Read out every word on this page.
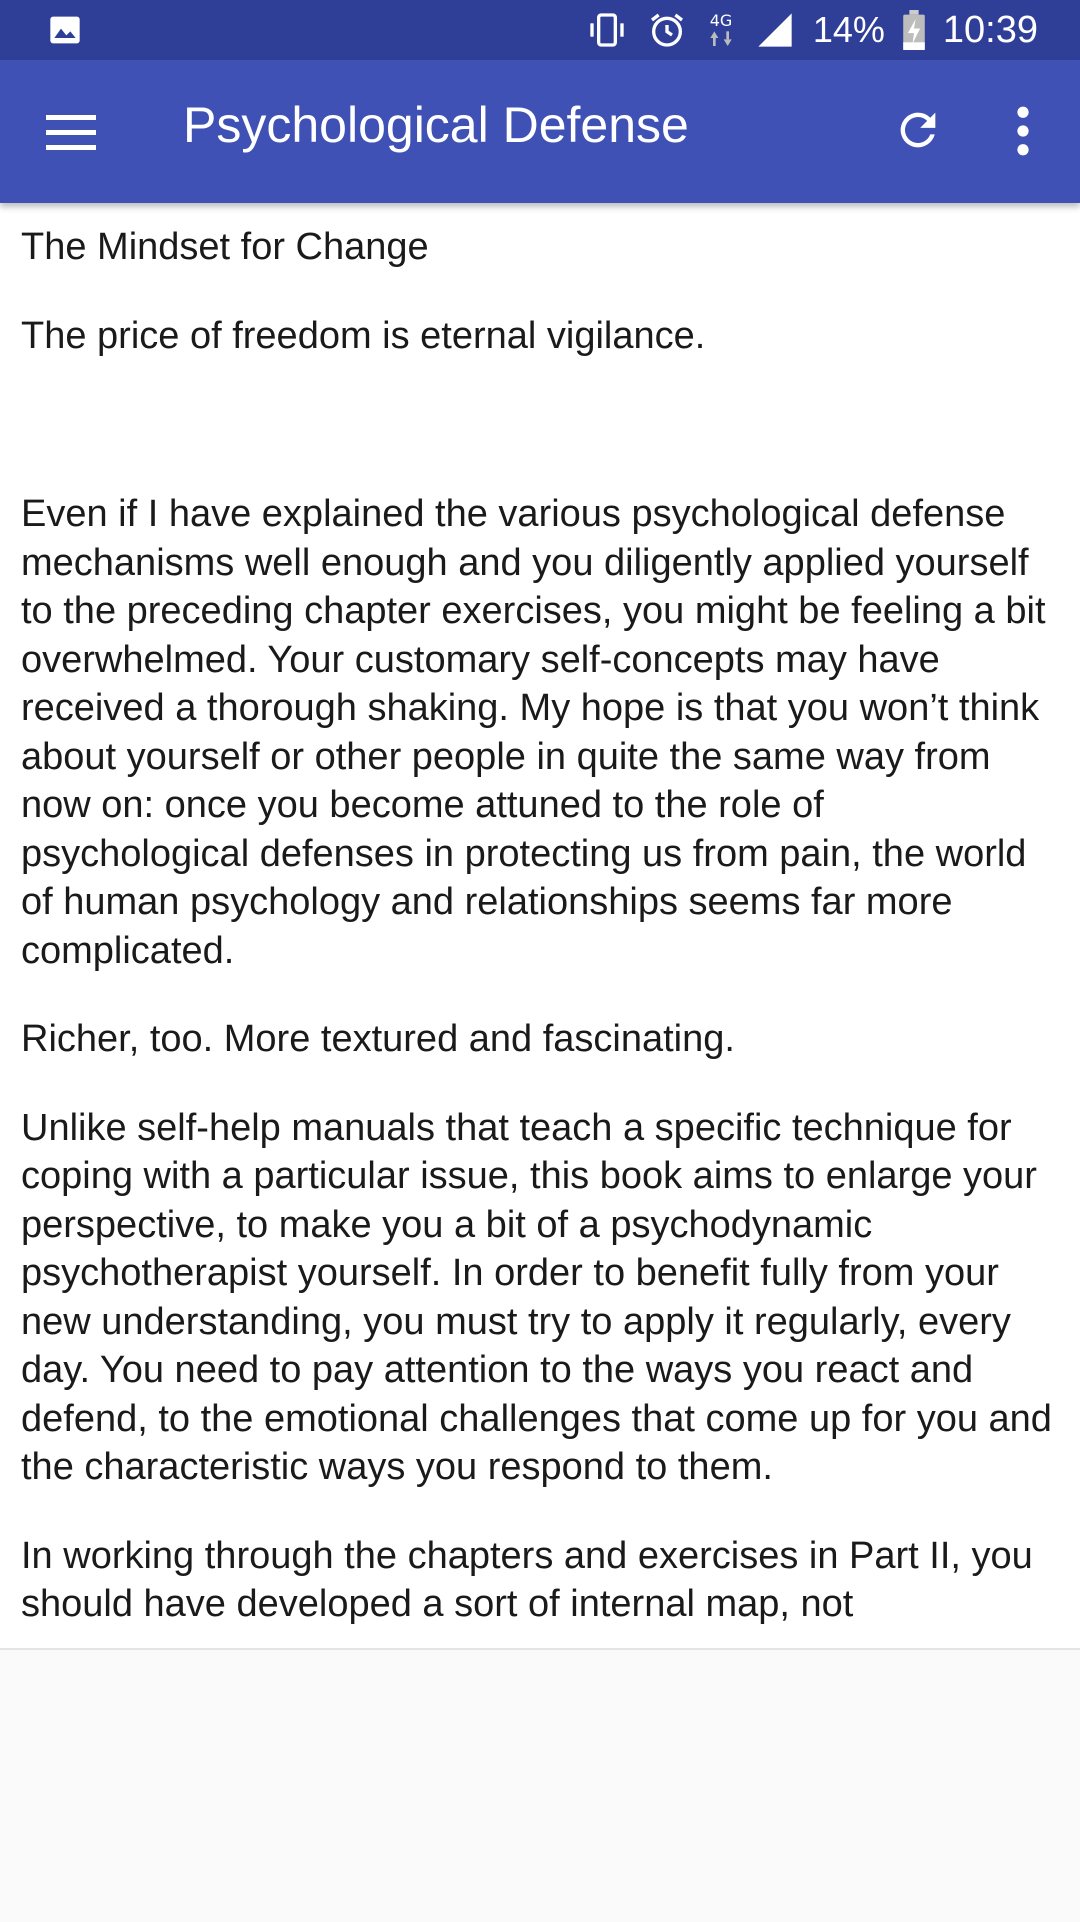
4G 14% 10:39
Psychological Defense

The Mindset for Change

The price of freedom is eternal vigilance.

Even if I have explained the various psychological defense mechanisms well enough and you diligently applied yourself to the preceding chapter exercises, you might be feeling a bit overwhelmed. Your customary self-concepts may have received a thorough shaking. My hope is that you won’t think about yourself or other people in quite the same way from now on: once you become attuned to the role of psychological defenses in protecting us from pain, the world of human psychology and relationships seems far more complicated.

Richer, too. More textured and fascinating.

Unlike self-help manuals that teach a specific technique for coping with a particular issue, this book aims to enlarge your perspective, to make you a bit of a psychodynamic psychotherapist yourself. In order to benefit fully from your new understanding, you must try to apply it regularly, every day. You need to pay attention to the ways you react and defend, to the emotional challenges that come up for you and the characteristic ways you respond to them.

In working through the chapters and exercises in Part II, you should have developed a sort of internal map, not
